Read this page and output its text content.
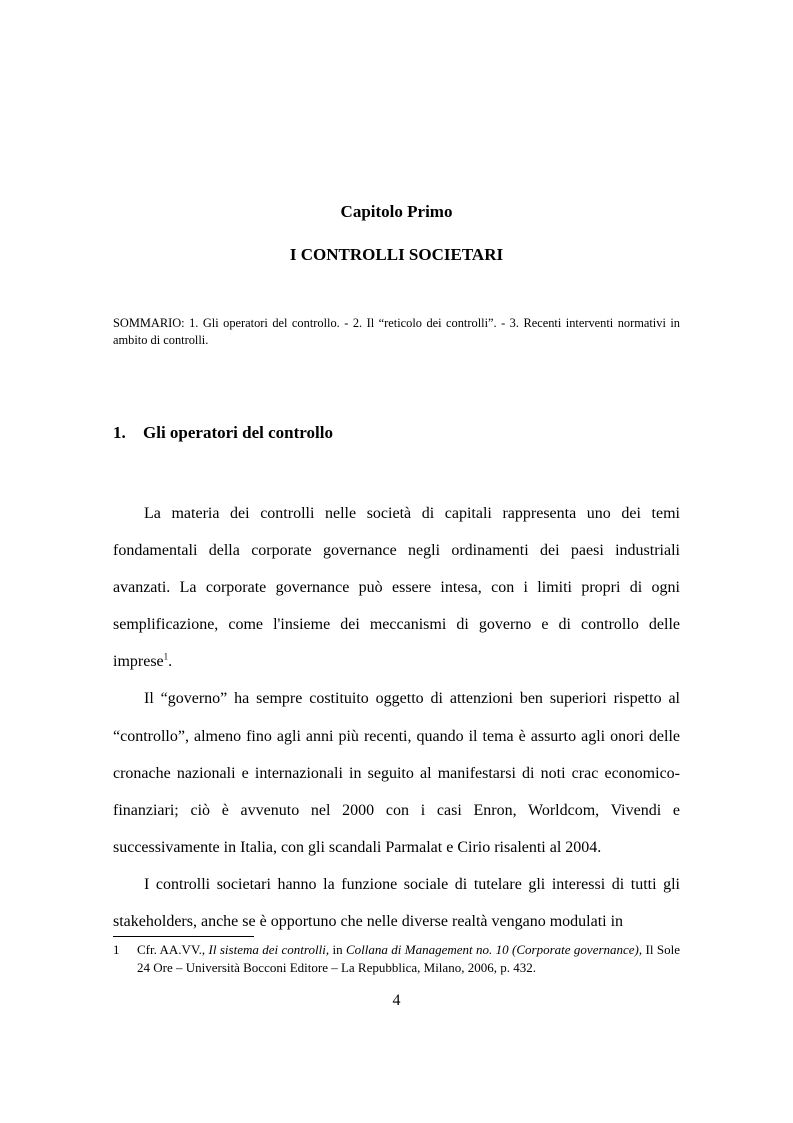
Capitolo Primo
I CONTROLLI SOCIETARI
SOMMARIO: 1. Gli operatori del controllo. - 2. Il “reticolo dei controlli”. - 3. Recenti interventi normativi in ambito di controlli.
1. Gli operatori del controllo

La materia dei controlli nelle società di capitali rappresenta uno dei temi fondamentali della corporate governance negli ordinamenti dei paesi industriali avanzati. La corporate governance può essere intesa, con i limiti propri di ogni semplificazione, come l'insieme dei meccanismi di governo e di controllo delle imprese$^1$.

Il “governo” ha sempre costituito oggetto di attenzioni ben superiori rispetto al “controllo”, almeno fino agli anni più recenti, quando il tema è assurto agli onori delle cronache nazionali e internazionali in seguito al manifestarsi di noti crac economico-finanziari; ciò è avvenuto nel 2000 con i casi Enron, Worldcom, Vivendi e successivamente in Italia, con gli scandali Parmalat e Cirio risalenti al 2004.

I controlli societari hanno la funzione sociale di tutelare gli interessi di tutti gli stakeholders, anche se è opportuno che nelle diverse realtà vengano modulati in

1 Cfr. AA.VV., Il sistema dei controlli, in Collana di Management no. 10 (Corporate governance), Il Sole 24 Ore – Università Bocconi Editore – La Repubblica, Milano, 2006, p. 432.
4
